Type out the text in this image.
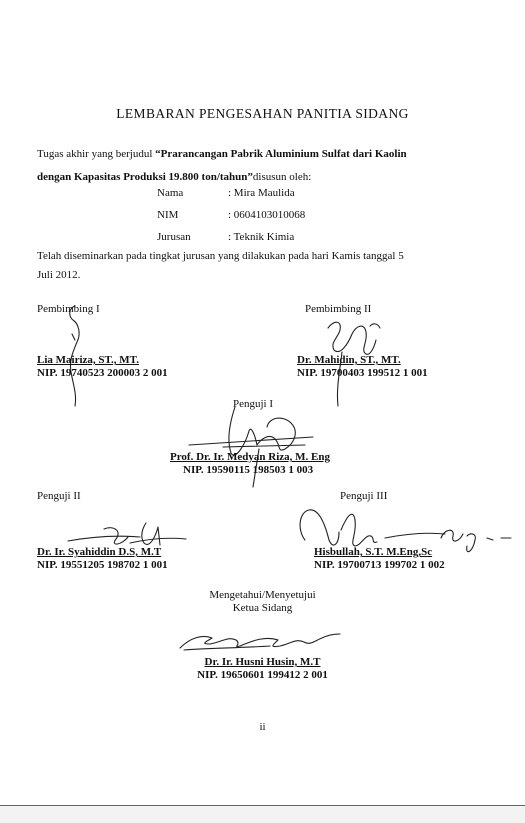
LEMBARAN PENGESAHAN PANITIA SIDANG
Tugas akhir yang berjudul “Prarancangan Pabrik Aluminium Sulfat dari Kaolin
dengan Kapasitas Produksi 19.800 ton/tahun”disusun oleh:
Nama	: Mira Maulida
NIM	: 0604103010068
Jurusan	: Teknik Kimia
Telah diseminarkan pada tingkat jurusan yang dilakukan pada hari Kamis tanggal 5
Juli 2012.
Pembimbing I
Lia Mairiza, ST., MT.
NIP. 19740523 200003 2 001
Pembimbing II
Dr. Mahidin, ST., MT.
NIP. 19700403 199512 1 001
Penguji I
Prof. Dr. Ir. Medyan Riza, M. Eng
NIP. 19590115 198503 1 003
Penguji II
Dr. Ir. Syahiddin D.S, M.T
NIP. 19551205 198702 1 001
Penguji III
Hisbullah, S.T. M.Eng,Sc
NIP. 19700713 199702 1 002
Mengetahui/Menyetujui
Ketua Sidang
Dr. Ir. Husni Husin, M.T
NIP. 19650601 199412 2 001
ii
